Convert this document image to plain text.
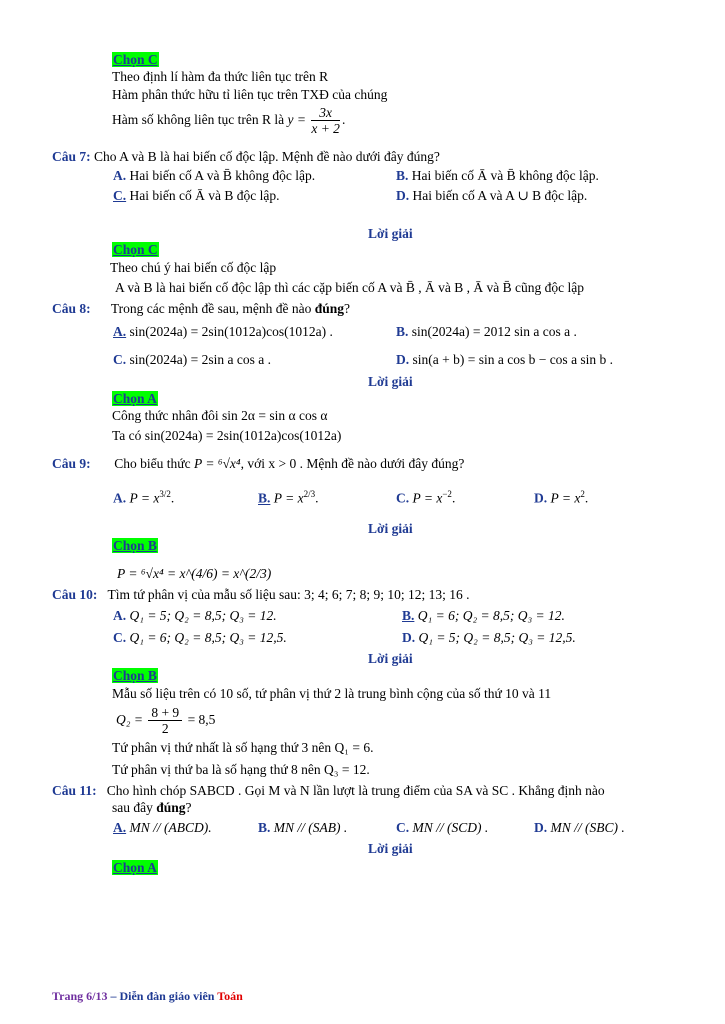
Chọn C
Theo định lí hàm đa thức liên tục trên R
Hàm phân thức hữu tỉ liên tục trên TXĐ của chúng
Hàm số không liên tục trên R là $y = \frac{3x}{x + 2}$ .
Câu 7: Cho A và B là hai biến cố độc lập. Mệnh đề nào dưới đây đúng?
A. Hai biến cố A và B̄ không độc lập.	B. Hai biến cố Ā và B̄ không độc lập.
C. Hai biến cố Ā và B độc lập.	D. Hai biến cố A và A ∪ B độc lập.
Lời giải
Chọn C
Theo chú ý hai biến cố độc lập
A và B là hai biến cố độc lập thì các cặp biến cố A và B̄ , Ā và B , Ā và B̄ cũng độc lập
Câu 8: Trong các mệnh đề sau, mệnh đề nào đúng?
A. sin(2024a) = 2sin(1012a)cos(1012a) .	B. sin(2024a) = 2012 sin a cos a .
C. sin(2024a) = 2sin a cos a .	D. sin(a + b) = sin a cos b − cos a sin b .
Lời giải
Chọn A
Công thức nhân đôi sin 2α = sin α cos α
Ta có sin(2024a) = 2sin(1012a)cos(1012a)
Câu 9: Cho biểu thức P = ⁶√x⁴, với x > 0 . Mệnh đề nào dưới đây đúng?
A. $P = x^{3/2}$.	B. $P = x^{2/3}$.	C. $P = x^{-2}$.	D. $P = x^2$.
Lời giải
Chọn B
P = ⁶√x⁴ = x^(4/6) = x^(2/3)
Câu 10: Tìm tứ phân vị của mẫu số liệu sau: 3; 4; 6; 7; 8; 9; 10; 12; 13; 16 .
A. Q₁ = 5; Q₂ = 8,5; Q₃ = 12.	B. Q₁ = 6; Q₂ = 8,5; Q₃ = 12.
C. Q₁ = 6; Q₂ = 8,5; Q₃ = 12,5.	D. Q₁ = 5; Q₂ = 8,5; Q₃ = 12,5.
Lời giải
Chọn B
Mẫu số liệu trên có 10 số, tứ phân vị thứ 2 là trung bình cộng của số thứ 10 và 11
$Q_2 = \frac{8 + 9}{2} = 8,5$
Tứ phân vị thứ nhất là số hạng thứ 3 nên Q₁ = 6.
Tứ phân vị thứ ba là số hạng thứ 8 nên Q₃ = 12.
Câu 11: Cho hình chóp SABCD . Gọi M và N lần lượt là trung điểm của SA và SC . Khẳng định nào
sau đây đúng?
A. MN // (ABCD).	B. MN // (SAB) .	C. MN // (SCD) .	D. MN // (SBC) .
Lời giải
Chọn A
Trang 6/13 – Diễn đàn giáo viên Toán
